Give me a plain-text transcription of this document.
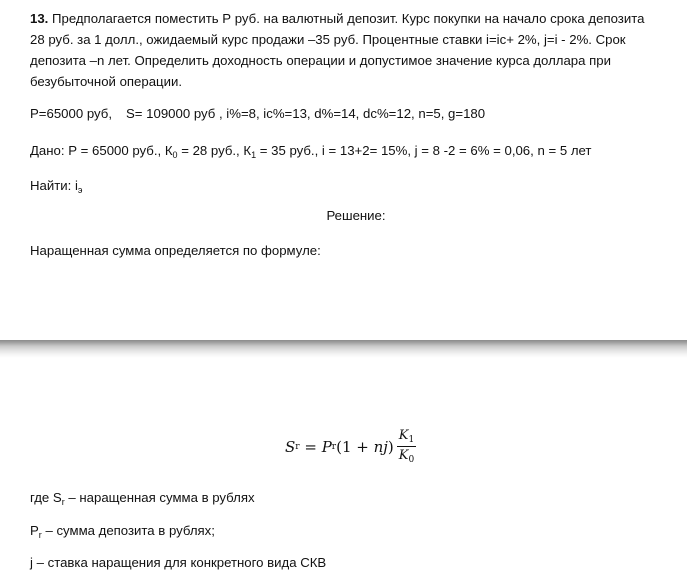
13. Предполагается поместить Р руб. на валютный депозит. Курс покупки на начало срока депозита 28 руб. за 1 долл., ожидаемый курс продажи –35 руб. Процентные ставки i=ic+ 2%, j=i - 2%. Срок депозита –n лет. Определить доходность операции и допустимое значение курса доллара при безубыточной операции.
P=65000 руб, S= 109000 руб , i%=8, ic%=13, d%=14, dc%=12, n=5, g=180
Дано: Р = 65000 руб., $К_0 = 28$ руб., $К_1 = 35$ руб., i = 13+2= 15%, j = 8 -2 = 6% = 0,06, n = 5 лет
Найти: $i_э$
Решение:
Наращенная сумма определяется по формуле:
S r = P r (1 + nj ) $\frac{K_1}{K_0}$
где $S_r$ – наращенная сумма в рублях
$P_r$ – сумма депозита в рублях;
j – ставка наращения для конкретного вида СКВ
